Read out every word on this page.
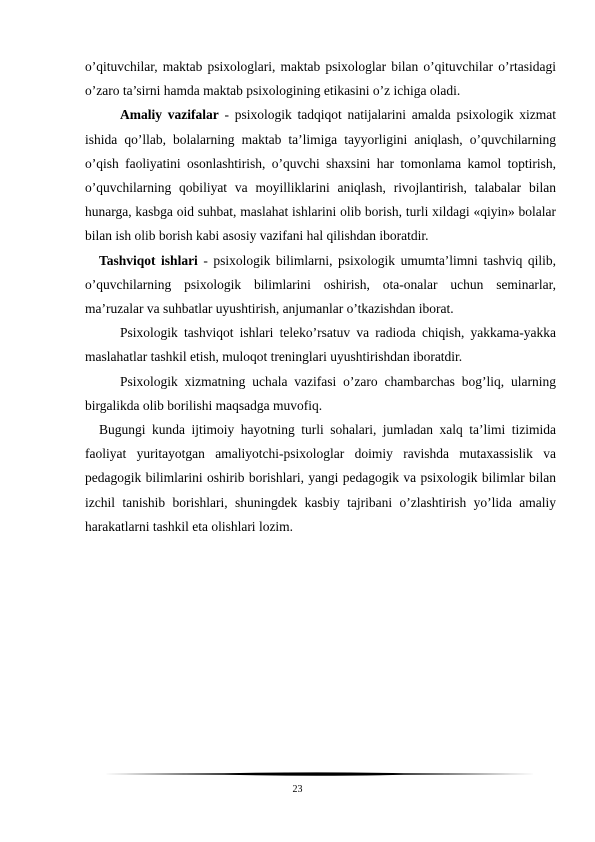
o’qituvchilar, maktab psixologlari, maktab psixologlar bilan o’qituvchilar o’rtasidagi o’zaro ta’sirni hamda maktab psixologining etikasini o’z ichiga oladi.

Amaliy vazifalar - psixologik tadqiqot natijalarini amalda psixologik xizmat ishida qo’llab, bolalarning maktab ta’limiga tayyorligini aniqlash, o’quvchilarning o’qish faoliyatini osonlashtirish, o’quvchi shaxsini har tomonlama kamol toptirish, o’quvchilarning qobiliyat va moyilliklarini aniqlash, rivojlantirish, talabalar bilan hunarga, kasbga oid suhbat, maslahat ishlarini olib borish, turli xildagi «qiyin» bolalar bilan ish olib borish kabi asosiy vazifani hal qilishdan iboratdir.

Tashviqot ishlari - psixologik bilimlarni, psixologik umumta’limni tashviq qilib, o’quvchilarning psixologik bilimlarini oshirish, ota-onalar uchun seminarlar, ma’ruzalar va suhbatlar uyushtirish, anjumanlar o’tkazishdan iborat.

Psixologik tashviqot ishlari teleko’rsatuv va radioda chiqish, yakkama-yakka maslahatlar tashkil etish, muloqot treninglari uyushtirishdan iboratdir.

Psixologik xizmatning uchala vazifasi o’zaro chambarchas bog’liq, ularning birgalikda olib borilishi maqsadga muvofiq.

Bugungi kunda ijtimoiy hayotning turli sohalari, jumladan xalq ta’limi tizimida faoliyat yuritayotgan amaliyotchi-psixologlar doimiy ravishda mutaxassislik va pedagogik bilimlarini oshirib borishlari, yangi pedagogik va psixologik bilimlar bilan izchil tanishib borishlari, shuningdek kasbiy tajribani o’zlashtirish yo’lida amaliy harakatlarni tashkil eta olishlari lozim.

23
